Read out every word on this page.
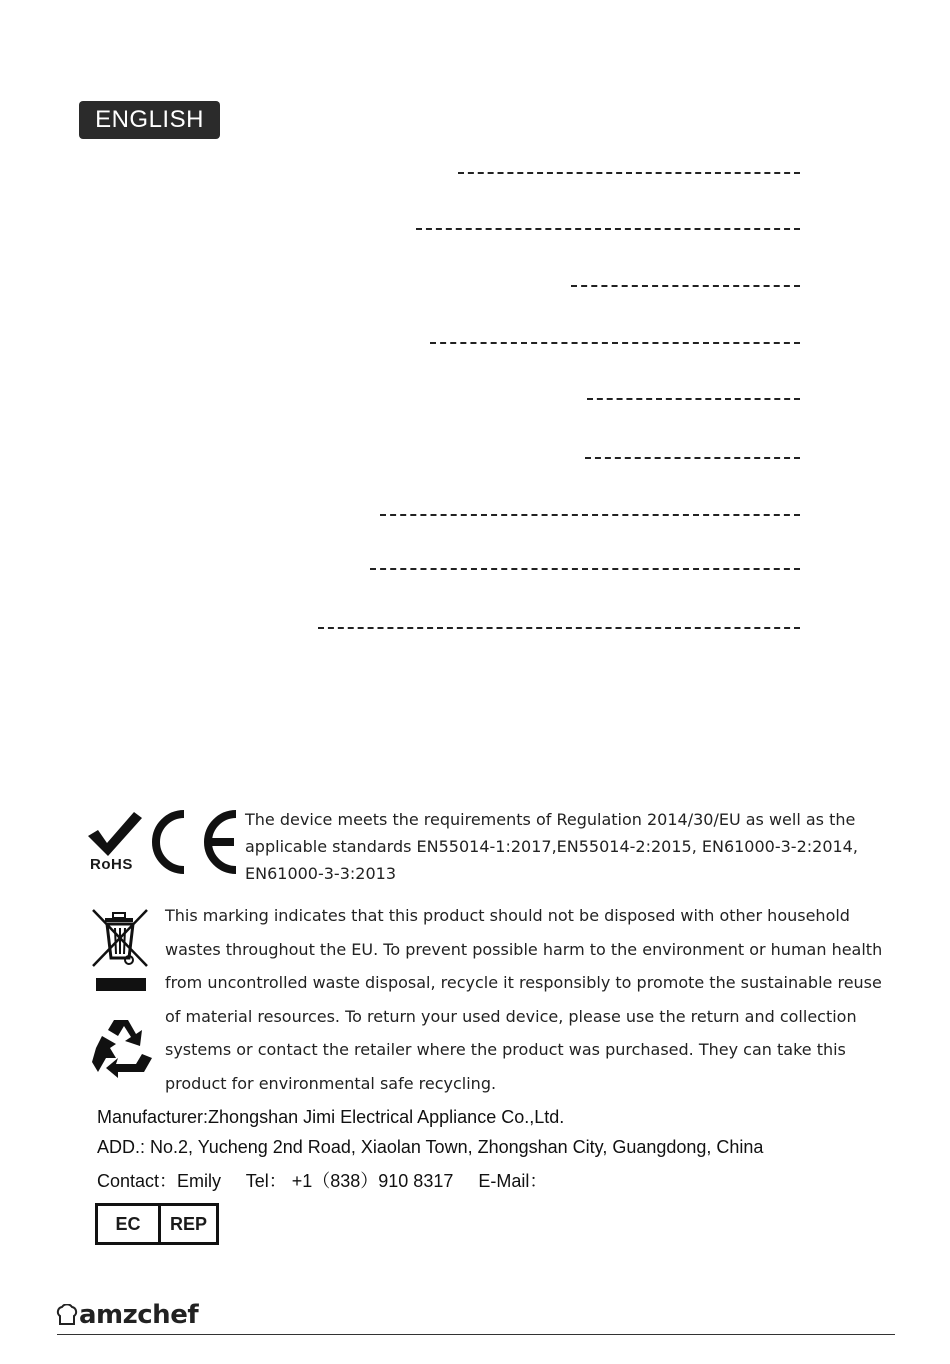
ENGLISH
RoHS
The device meets the requirements of Regulation 2014/30/EU as well as the applicable standards EN55014-1:2017,EN55014-2:2015, EN61000-3-2:2014, EN61000-3-3:2013
This marking indicates that this product should not be disposed with other household wastes throughout the EU. To prevent possible harm to the environment or human health from uncontrolled waste disposal, recycle it responsibly to promote the sustainable reuse of material resources. To return your used device, please use the return and collection systems or contact the retailer where the product was purchased. They can take this product for environmental safe recycling.
Manufacturer:Zhongshan Jimi Electrical Appliance Co.,Ltd.
ADD.: No.2, Yucheng 2nd Road, Xiaolan Town, Zhongshan City, Guangdong, China
Contact：Emily     Tel： +1（838）910 8317     E-Mail：
EC	REP
amzchef
